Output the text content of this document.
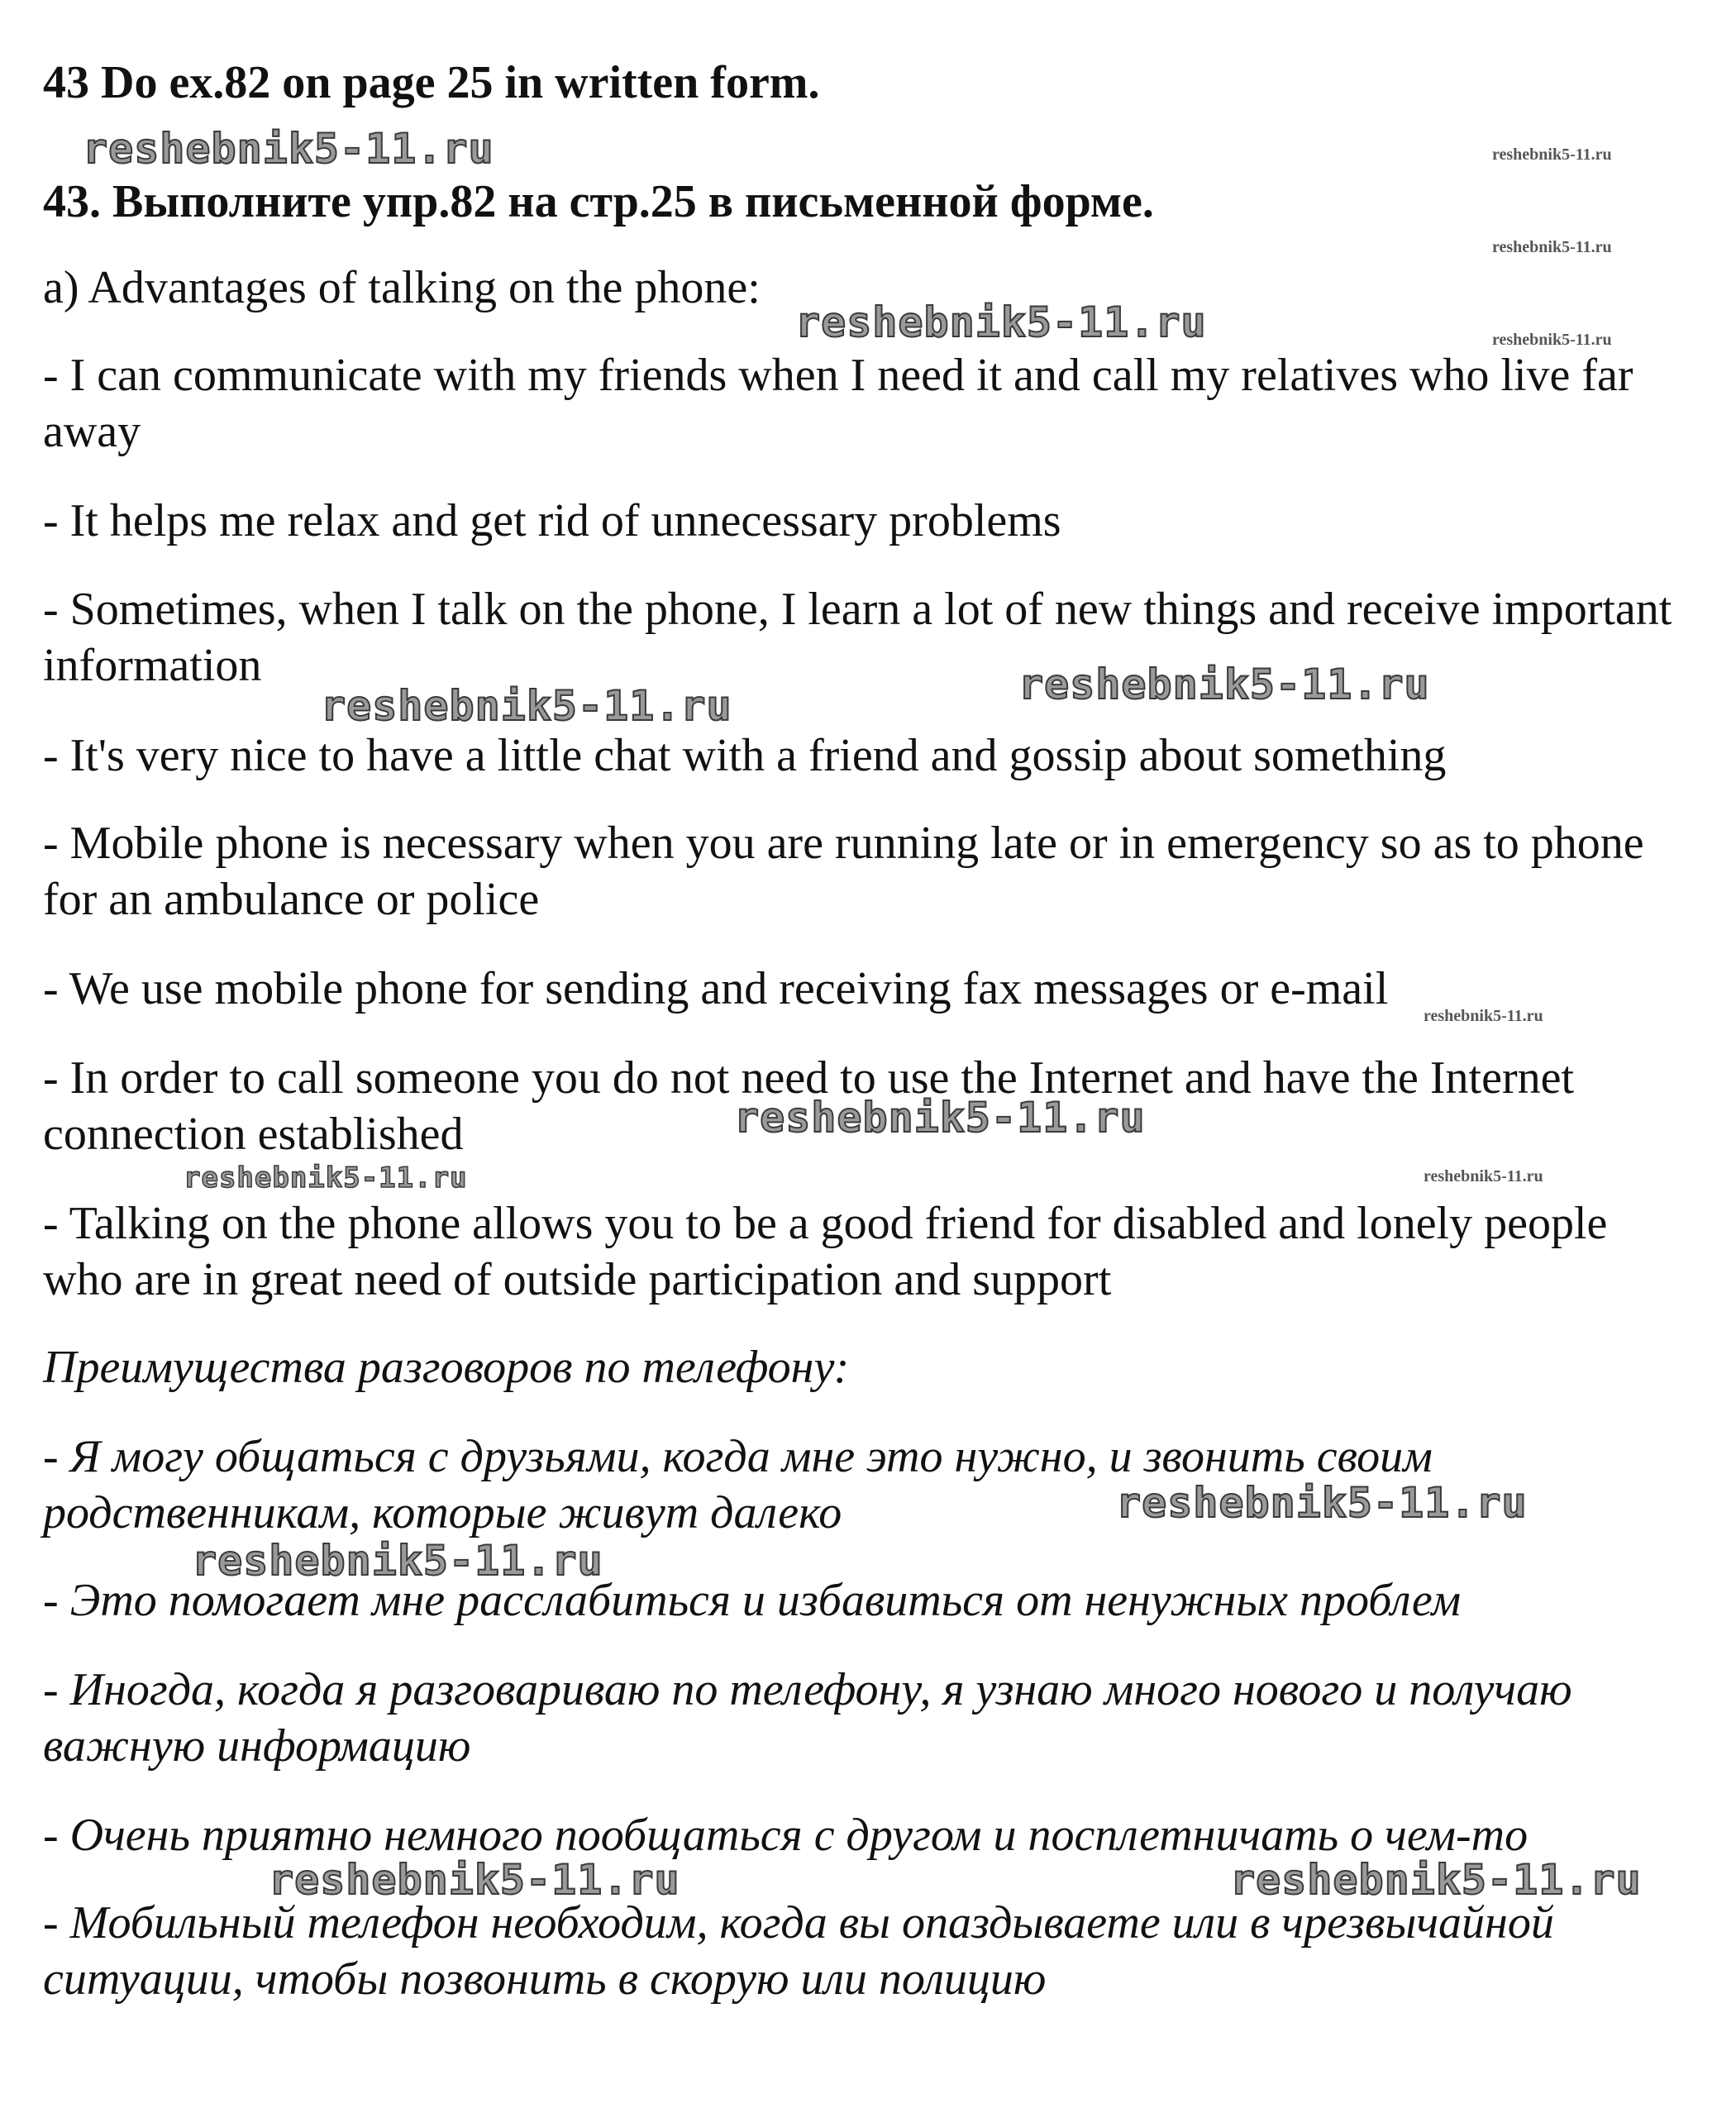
43 Do ex.82 on page 25 in written form.

43. Выполните упр.82 на стр.25 в письменной форме.

a) Advantages of talking on the phone:

- I can communicate with my friends when I need it and call my relatives who live far away

- It helps me relax and get rid of unnecessary problems

- Sometimes, when I talk on the phone, I learn a lot of new things and receive important information

- It's very nice to have a little chat with a friend and gossip about something

- Mobile phone is necessary when you are running late or in emergency so as to phone for an ambulance or police

- We use mobile phone for sending and receiving fax messages or e-mail

- In order to call someone you do not need to use the Internet and have the Internet connection established

- Talking on the phone allows you to be a good friend for disabled and lonely people who are in great need of outside participation and support

Преимущества разговоров по телефону:

- Я могу общаться с друзьями, когда мне это нужно, и звонить своим родственникам, которые живут далеко

- Это помогает мне расслабиться и избавиться от ненужных проблем

- Иногда, когда я разговариваю по телефону, я узнаю много нового и получаю важную информацию

- Очень приятно немного пообщаться с другом и посплетничать о чем-то

- Мобильный телефон необходим, когда вы опаздываете или в чрезвычайной ситуации, чтобы позвонить в скорую или полицию

reshebnik5-11.ru	reshebnik5-11.ru
reshebnik5-11.ru
reshebnik5-11.ru	reshebnik5-11.ru
reshebnik5-11.ru	reshebnik5-11.ru
reshebnik5-11.ru
reshebnik5-11.ru
reshebnik5-11.ru	reshebnik5-11.ru
reshebnik5-11.ru
reshebnik5-11.ru
reshebnik5-11.ru	reshebnik5-11.ru
